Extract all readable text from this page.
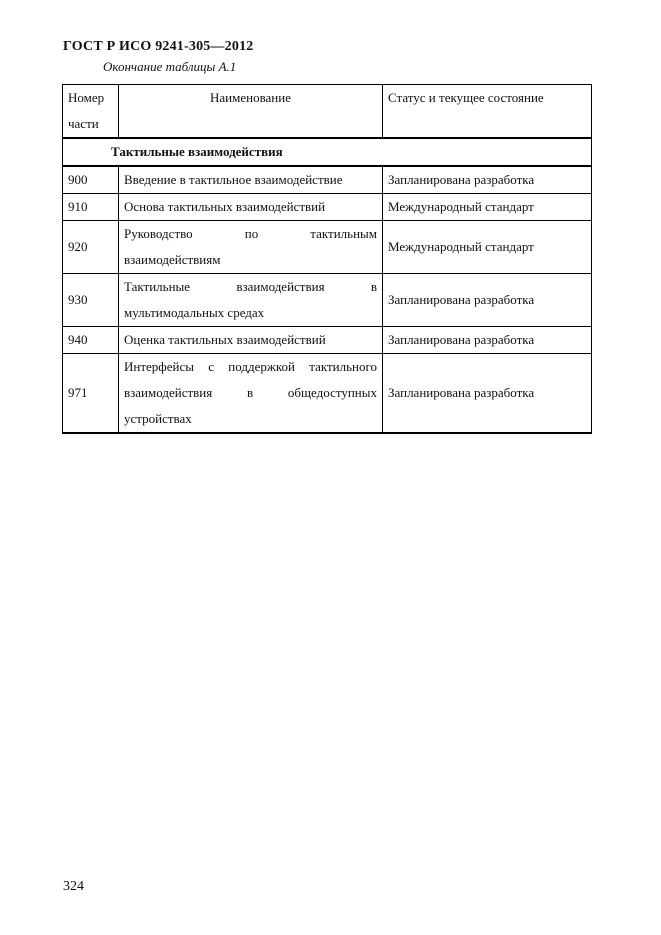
ГОСТ Р ИСО 9241-305—2012
Окончание таблицы А.1
Номер части	Наименование	Статус и текущее состояние
Тактильные взаимодействия		
900	Введение в тактильное взаимодействие	Запланирована разработка
910	Основа тактильных взаимодействий	Международный стандарт
920	Руководство по тактильным взаимодействиям	Международный стандарт
930	Тактильные взаимодействия в мультимодальных средах	Запланирована разработка
940	Оценка тактильных взаимодействий	Запланирована разработка
971	Интерфейсы с поддержкой тактильного взаимодействия в общедоступных устройствах	Запланирована разработка
324
